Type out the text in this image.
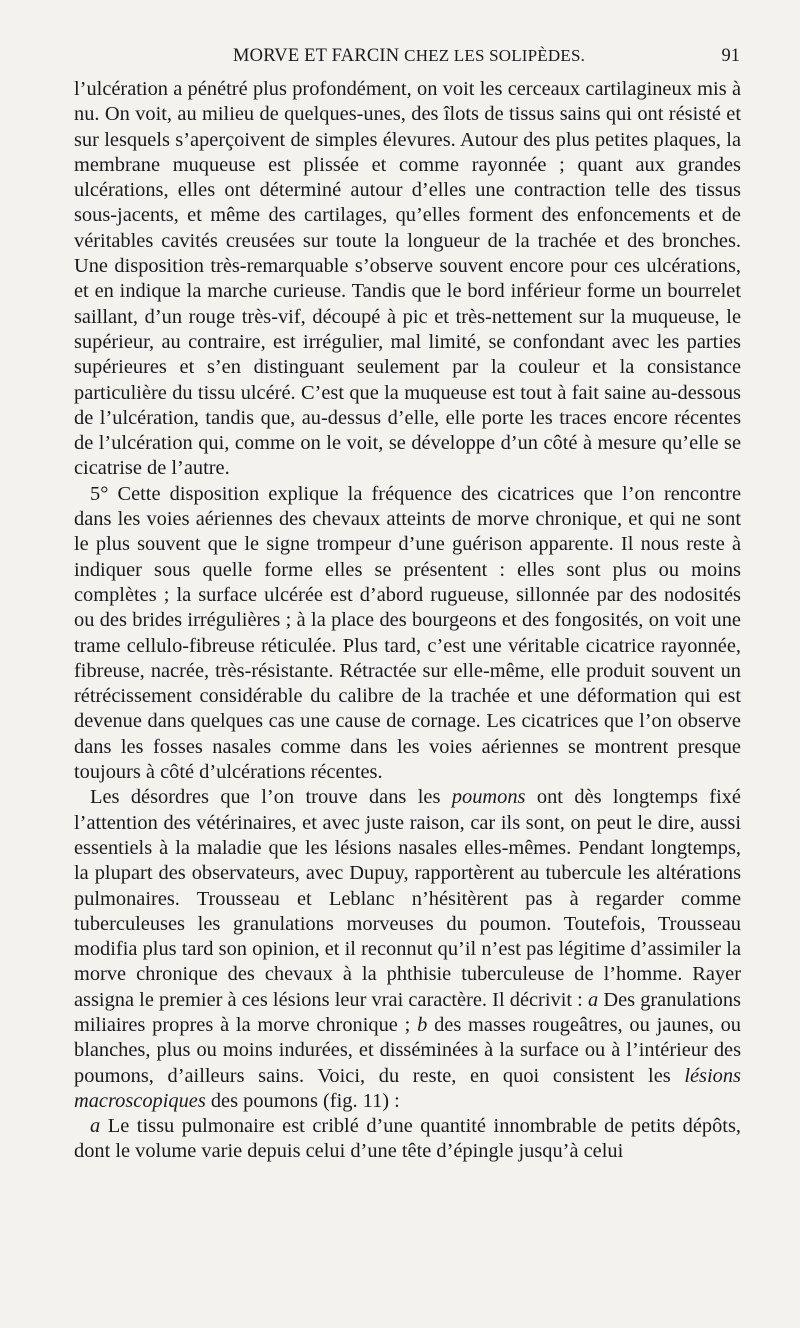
MORVE ET FARCIN CHEZ LES SOLIPÈDES.	91

l’ulcération a pénétré plus profondément, on voit les cerceaux cartilagineux mis à nu. On voit, au milieu de quelques-unes, des îlots de tissus sains qui ont résisté et sur lesquels s’aperçoivent de simples élevures. Autour des plus petites plaques, la membrane muqueuse est plissée et comme rayonnée ; quant aux grandes ulcérations, elles ont déterminé autour d’elles une contraction telle des tissus sous-jacents, et même des cartilages, qu’elles forment des enfoncements et de véritables cavités creusées sur toute la longueur de la trachée et des bronches. Une disposition très-remarquable s’observe souvent encore pour ces ulcérations, et en indique la marche curieuse. Tandis que le bord inférieur forme un bourrelet saillant, d’un rouge très-vif, découpé à pic et très-nettement sur la muqueuse, le supérieur, au contraire, est irrégulier, mal limité, se confondant avec les parties supérieures et s’en distinguant seulement par la couleur et la consistance particulière du tissu ulcéré. C’est que la muqueuse est tout à fait saine au-dessous de l’ulcération, tandis que, au-dessus d’elle, elle porte les traces encore récentes de l’ulcération qui, comme on le voit, se développe d’un côté à mesure qu’elle se cicatrise de l’autre.

5° Cette disposition explique la fréquence des cicatrices que l’on rencontre dans les voies aériennes des chevaux atteints de morve chronique, et qui ne sont le plus souvent que le signe trompeur d’une guérison apparente. Il nous reste à indiquer sous quelle forme elles se présentent : elles sont plus ou moins complètes ; la surface ulcérée est d’abord rugueuse, sillonnée par des nodosités ou des brides irrégulières ; à la place des bourgeons et des fongosités, on voit une trame cellulo-fibreuse réticulée. Plus tard, c’est une véritable cicatrice rayonnée, fibreuse, nacrée, très-résistante. Rétractée sur elle-même, elle produit souvent un rétrécissement considérable du calibre de la trachée et une déformation qui est devenue dans quelques cas une cause de cornage. Les cicatrices que l’on observe dans les fosses nasales comme dans les voies aériennes se montrent presque toujours à côté d’ulcérations récentes.

Les désordres que l’on trouve dans les poumons ont dès longtemps fixé l’attention des vétérinaires, et avec juste raison, car ils sont, on peut le dire, aussi essentiels à la maladie que les lésions nasales elles-mêmes. Pendant longtemps, la plupart des observateurs, avec Dupuy, rapportèrent au tubercule les altérations pulmonaires. Trousseau et Leblanc n’hésitèrent pas à regarder comme tuberculeuses les granulations morveuses du poumon. Toutefois, Trousseau modifia plus tard son opinion, et il reconnut qu’il n’est pas légitime d’assimiler la morve chronique des chevaux à la phthisie tuberculeuse de l’homme. Rayer assigna le premier à ces lésions leur vrai caractère. Il décrivit : a Des granulations miliaires propres à la morve chronique ; b des masses rougeâtres, ou jaunes, ou blanches, plus ou moins indurées, et disséminées à la surface ou à l’intérieur des poumons, d’ailleurs sains. Voici, du reste, en quoi consistent les lésions macroscopiques des poumons (fig. 11) :

a Le tissu pulmonaire est criblé d’une quantité innombrable de petits dépôts, dont le volume varie depuis celui d’une tête d’épingle jusqu’à celui
